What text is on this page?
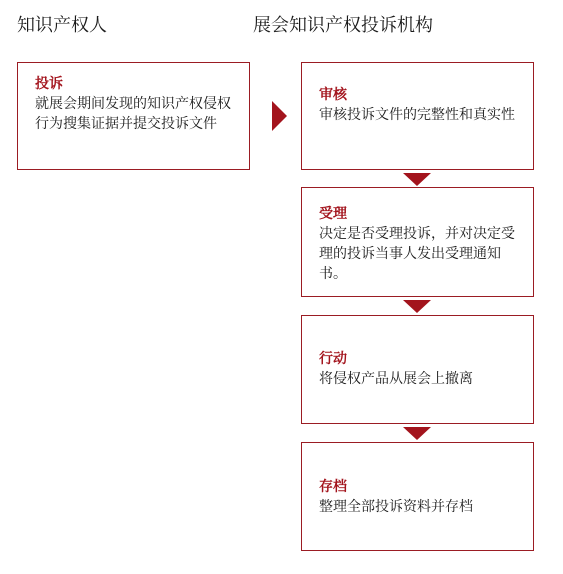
知识产权人	展会知识产权投诉机构
投诉
就展会期间发现的知识产权侵权行为搜集证据并提交投诉文件
审核
审核投诉文件的完整性和真实性
受理
决定是否受理投诉，并对决定受理的投诉当事人发出受理通知书。
行动
将侵权产品从展会上撤离
存档
整理全部投诉资料并存档
